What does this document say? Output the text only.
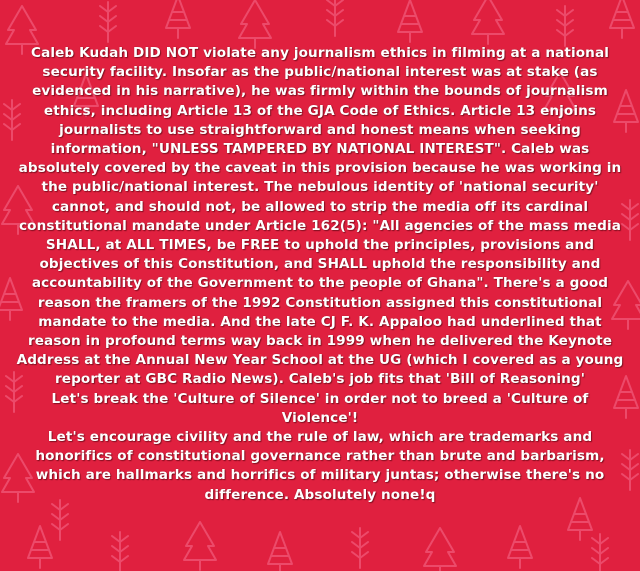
Caleb Kudah DID NOT violate any journalism ethics in filming at a national

security facility. Insofar as the public/national interest was at stake (as

evidenced in his narrative), he was firmly within the bounds of journalism

ethics, including Article 13 of the GJA Code of Ethics. Article 13 enjoins

journalists to use straightforward and honest means when seeking

information, "UNLESS TAMPERED BY NATIONAL INTEREST". Caleb was

absolutely covered by the caveat in this provision because he was working in

the public/national interest. The nebulous identity of 'national security'

cannot, and should not, be allowed to strip the media off its cardinal

constitutional mandate under Article 162(5): "All agencies of the mass media

SHALL, at ALL TIMES, be FREE to uphold the principles, provisions and

objectives of this Constitution, and SHALL uphold the responsibility and

accountability of the Government to the people of Ghana". There's a good

reason the framers of the 1992 Constitution assigned this constitutional

mandate to the media. And the late CJ F. K. Appaloo had underlined that

reason in profound terms way back in 1999 when he delivered the Keynote

Address at the Annual New Year School at the UG (which I covered as a young

reporter at GBC Radio News). Caleb's job fits that 'Bill of Reasoning'

Let's break the 'Culture of Silence' in order not to breed a 'Culture of

Violence'!

Let's encourage civility and the rule of law, which are trademarks and

honorifics of constitutional governance rather than brute and barbarism,

which are hallmarks and horrifics of military juntas; otherwise there's no

difference. Absolutely none!q
